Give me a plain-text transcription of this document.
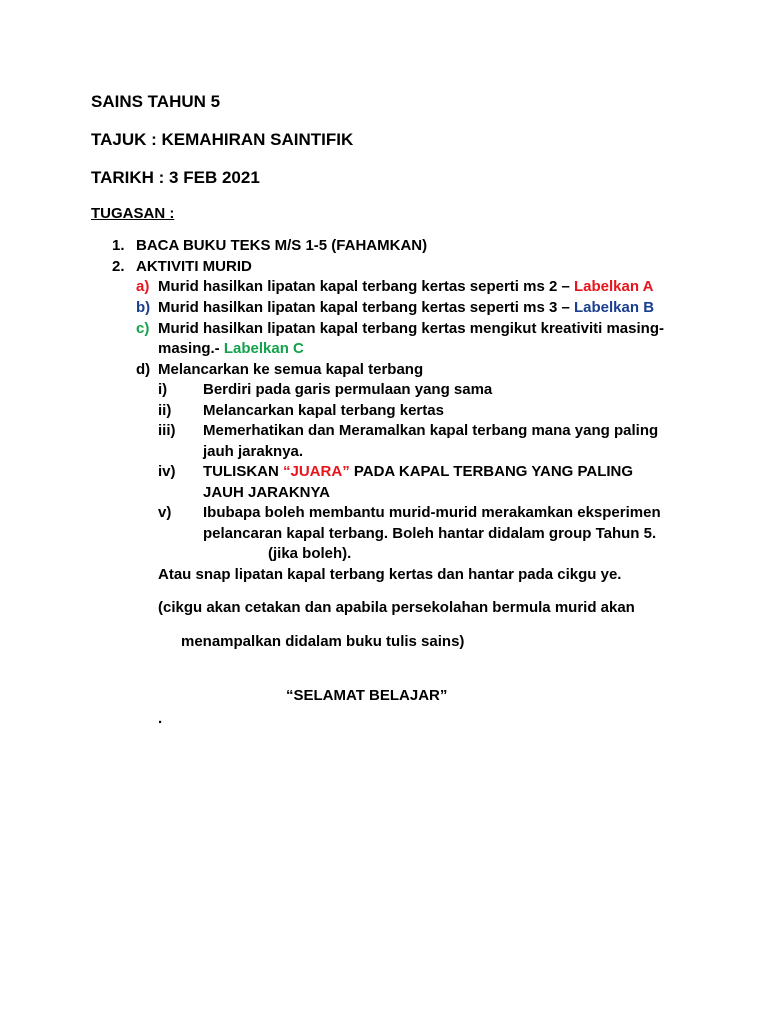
SAINS TAHUN 5
TAJUK : KEMAHIRAN SAINTIFIK
TARIKH : 3 FEB 2021
TUGASAN :
1. BACA BUKU TEKS M/S 1-5 (FAHAMKAN)
2. AKTIVITI MURID
a) Murid hasilkan lipatan kapal terbang kertas seperti ms 2 – Labelkan A
b) Murid hasilkan lipatan kapal terbang kertas seperti ms 3 – Labelkan B
c) Murid hasilkan lipatan kapal terbang kertas mengikut kreativiti masing-
masing.- Labelkan C
d) Melancarkan ke semua kapal terbang
i) Berdiri pada garis permulaan yang sama
ii) Melancarkan kapal terbang kertas
iii) Memerhatikan dan Meramalkan kapal terbang mana yang paling
jauh jaraknya.
iv) TULISKAN “JUARA” PADA KAPAL TERBANG YANG PALING
JAUH JARAKNYA
v) Ibubapa boleh membantu murid-murid merakamkan eksperimen
pelancaran kapal terbang. Boleh hantar didalam group Tahun 5.
(jika boleh).
Atau snap lipatan kapal terbang kertas dan hantar pada cikgu ye.
(cikgu akan cetakan dan apabila persekolahan bermula murid akan
menampalkan didalam buku tulis sains)
“SELAMAT BELAJAR”
.
